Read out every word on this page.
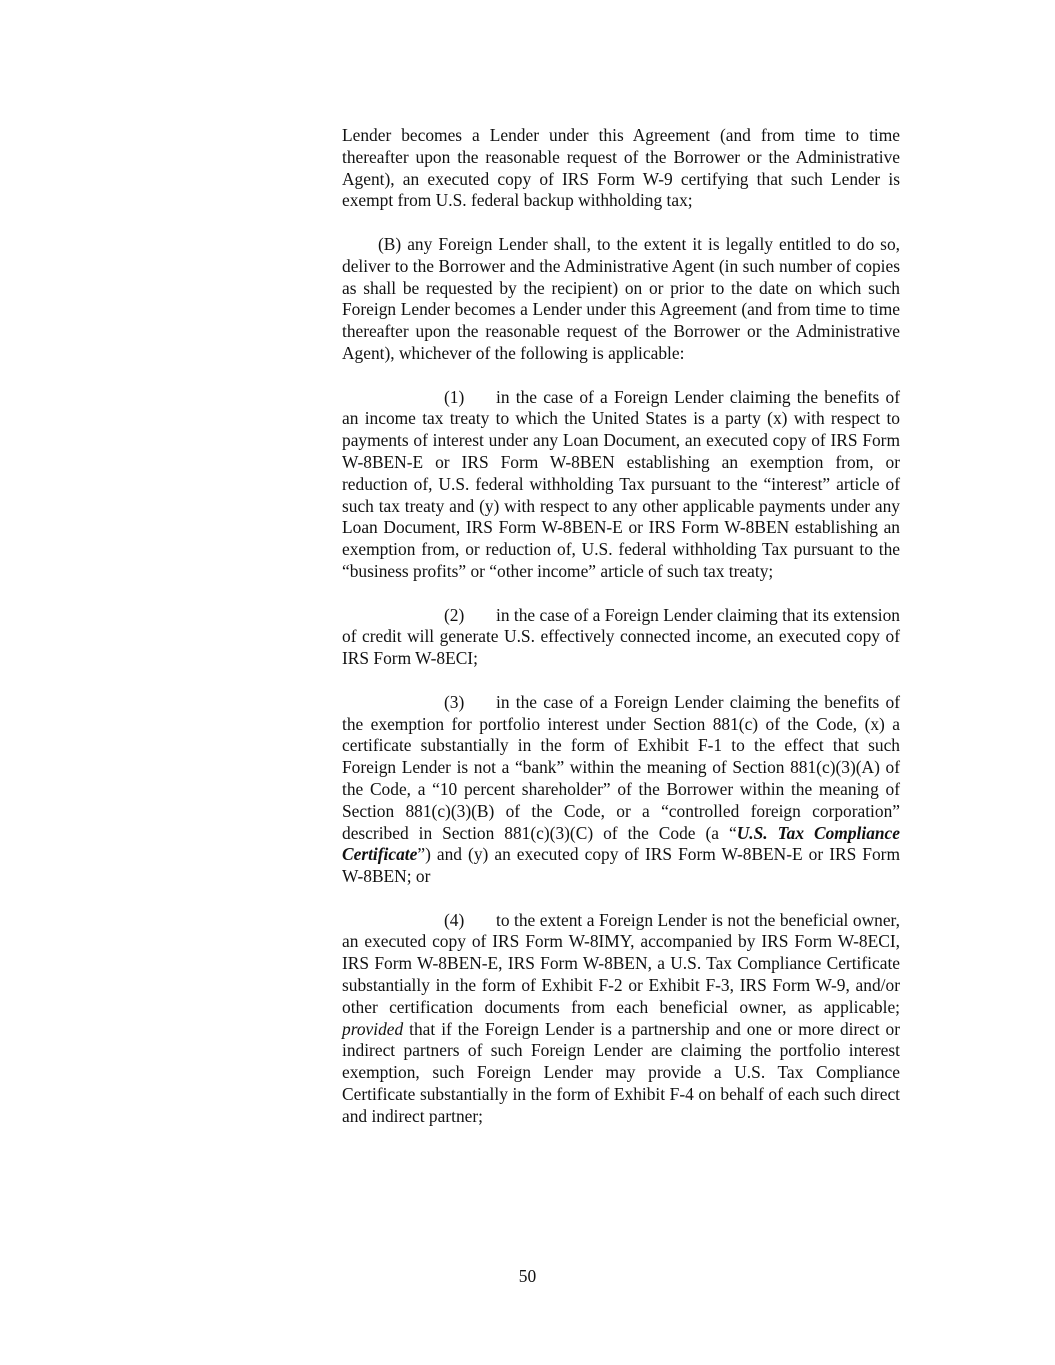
Lender becomes a Lender under this Agreement (and from time to time thereafter upon the reasonable request of the Borrower or the Administrative Agent), an executed copy of IRS Form W-9 certifying that such Lender is exempt from U.S. federal backup withholding tax;

(B) any Foreign Lender shall, to the extent it is legally entitled to do so, deliver to the Borrower and the Administrative Agent (in such number of copies as shall be requested by the recipient) on or prior to the date on which such Foreign Lender becomes a Lender under this Agreement (and from time to time thereafter upon the reasonable request of the Borrower or the Administrative Agent), whichever of the following is applicable:

(1) in the case of a Foreign Lender claiming the benefits of an income tax treaty to which the United States is a party (x) with respect to payments of interest under any Loan Document, an executed copy of IRS Form W-8BEN-E or IRS Form W-8BEN establishing an exemption from, or reduction of, U.S. federal withholding Tax pursuant to the “interest” article of such tax treaty and (y) with respect to any other applicable payments under any Loan Document, IRS Form W-8BEN-E or IRS Form W-8BEN establishing an exemption from, or reduction of, U.S. federal withholding Tax pursuant to the “business profits” or “other income” article of such tax treaty;

(2) in the case of a Foreign Lender claiming that its extension of credit will generate U.S. effectively connected income, an executed copy of IRS Form W-8ECI;

(3) in the case of a Foreign Lender claiming the benefits of the exemption for portfolio interest under Section 881(c) of the Code, (x) a certificate substantially in the form of Exhibit F-1 to the effect that such Foreign Lender is not a “bank” within the meaning of Section 881(c)(3)(A) of the Code, a “10 percent shareholder” of the Borrower within the meaning of Section 881(c)(3)(B) of the Code, or a “controlled foreign corporation” described in Section 881(c)(3)(C) of the Code (a “U.S. Tax Compliance Certificate”) and (y) an executed copy of IRS Form W-8BEN-E or IRS Form W-8BEN; or

(4) to the extent a Foreign Lender is not the beneficial owner, an executed copy of IRS Form W-8IMY, accompanied by IRS Form W-8ECI, IRS Form W-8BEN-E, IRS Form W-8BEN, a U.S. Tax Compliance Certificate substantially in the form of Exhibit F-2 or Exhibit F-3, IRS Form W-9, and/or other certification documents from each beneficial owner, as applicable; provided that if the Foreign Lender is a partnership and one or more direct or indirect partners of such Foreign Lender are claiming the portfolio interest exemption, such Foreign Lender may provide a U.S. Tax Compliance Certificate substantially in the form of Exhibit F-4 on behalf of each such direct and indirect partner;

50
